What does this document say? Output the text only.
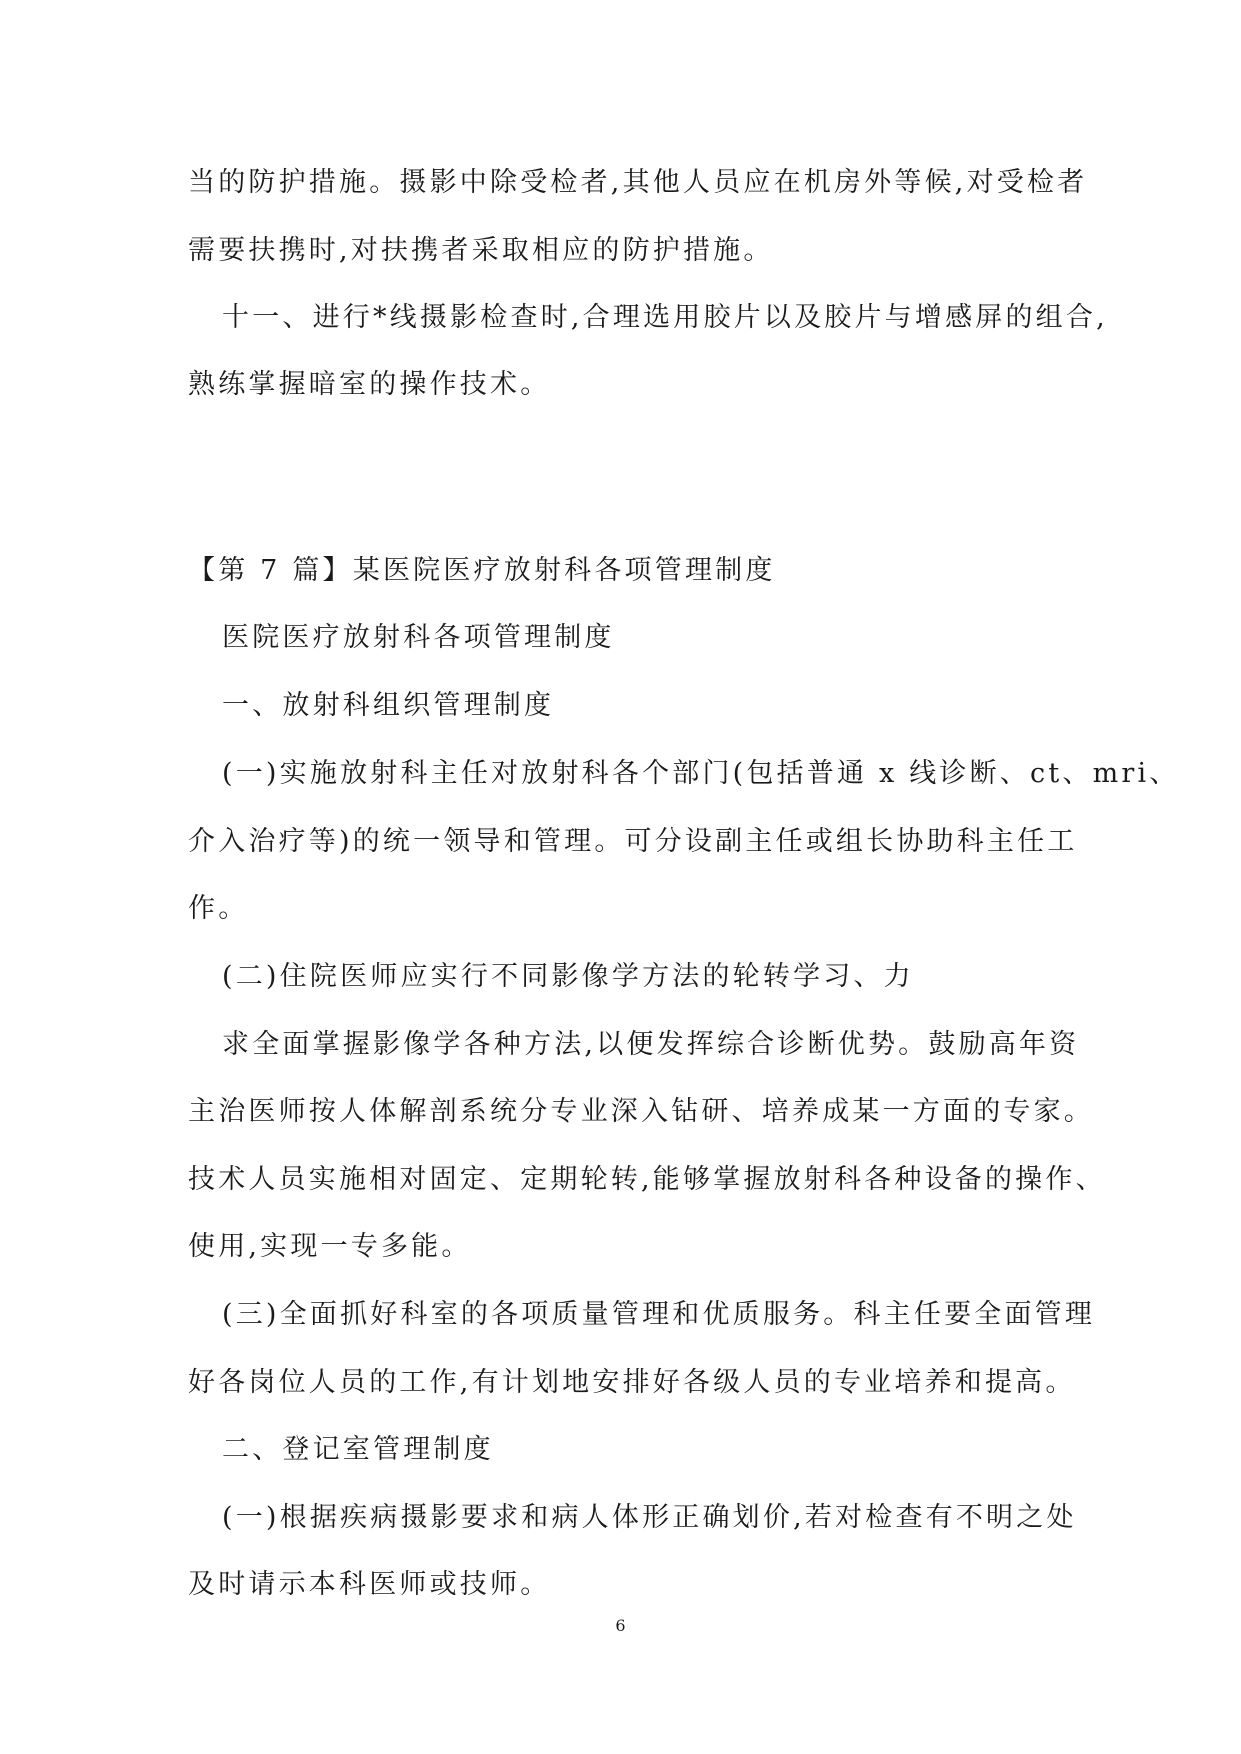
当的防护措施。摄影中除受检者,其他人员应在机房外等候,对受检者
需要扶携时,对扶携者采取相应的防护措施。
十一、进行*线摄影检查时,合理选用胶片以及胶片与增感屏的组合,
熟练掌握暗室的操作技术。
【第 7 篇】某医院医疗放射科各项管理制度
医院医疗放射科各项管理制度
一、放射科组织管理制度
(一)实施放射科主任对放射科各个部门(包括普通 x 线诊断、ct、mri、
介入治疗等)的统一领导和管理。可分设副主任或组长协助科主任工
作。
(二)住院医师应实行不同影像学方法的轮转学习、力
求全面掌握影像学各种方法,以便发挥综合诊断优势。鼓励高年资
主治医师按人体解剖系统分专业深入钻研、培养成某一方面的专家。
技术人员实施相对固定、定期轮转,能够掌握放射科各种设备的操作、
使用,实现一专多能。
(三)全面抓好科室的各项质量管理和优质服务。科主任要全面管理
好各岗位人员的工作,有计划地安排好各级人员的专业培养和提高。
二、登记室管理制度
(一)根据疾病摄影要求和病人体形正确划价,若对检查有不明之处
及时请示本科医师或技师。
6
